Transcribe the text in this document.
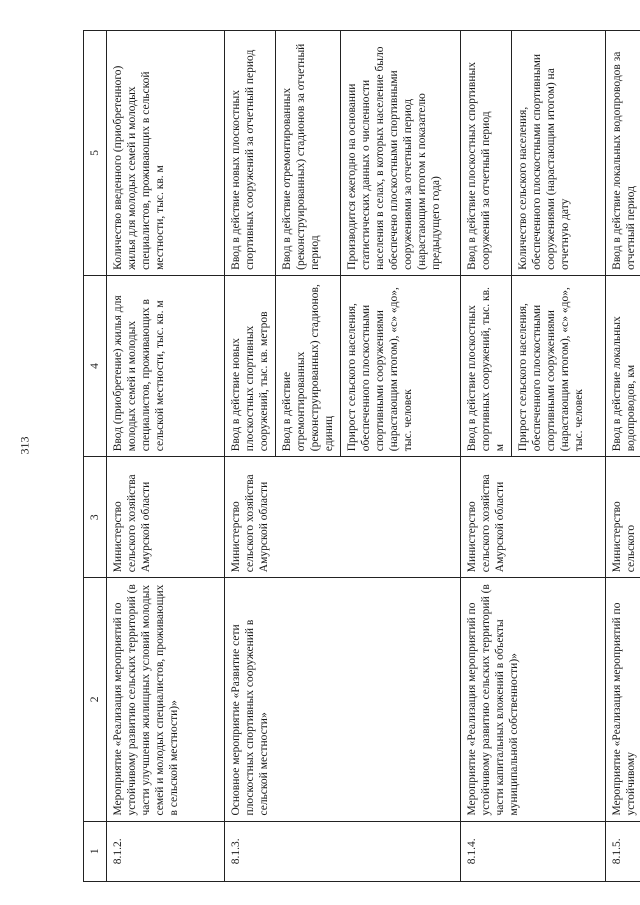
313
1	2	3	4	5
8.1.2.	Мероприятие «Реализация мероприятий по устойчивому развитию сельских территорий (в части улучшения жилищных условий молодых семей и молодых специалистов, проживающих в сельской местности)»	Министерство сельского хозяйства Амурской области	Ввод (приобретение) жилья для молодых семей и молодых специалистов, проживающих в сельской местности, тыс. кв. м	Количество введенного (приобретенного) жилья для молодых семей и молодых специалистов, проживающих в сельской местности, тыс. кв. м
8.1.3.	Основное мероприятие «Развитие сети плоскостных спортивных сооружений в сельской местности»	Министерство сельского хозяйства Амурской области	Ввод в действие новых плоскостных спортивных сооружений, тыс. кв. метров	Ввод в действие новых плоскостных спортивных сооружений за отчетный период
			Ввод в действие отремонтированных (реконструированных) стадионов, единиц	Ввод в действие отремонтированных (реконструированных) стадионов за отчетный период
			Прирост сельского населения, обеспеченного плоскостными спортивными сооружениями (нарастающим итогом), «с» «до», тыс. человек	Производится ежегодно на основании статистических данных о численности населения в селах, в которых население было обеспечено плоскостными спортивными сооружениями за отчетный период (нарастающим итогом к показателю предыдущего года)
8.1.4.	Мероприятие «Реализация мероприятий по устойчивому развитию сельских территорий (в части капитальных вложений в объекты муниципальной собственности)»	Министерство сельского хозяйства Амурской области	Ввод в действие плоскостных спортивных сооружений, тыс. кв. м	Ввод в действие плоскостных спортивных сооружений за отчетный период
			Прирост сельского населения, обеспеченного плоскостными спортивными сооружениями (нарастающим итогом), «с» «до», тыс. человек	Количество сельского населения, обеспеченного плоскостными спортивными сооружениями (нарастающим итогом) на отчетную дату
8.1.5.	Мероприятие «Реализация мероприятий по устойчивому	Министерство сельского	Ввод в действие локальных водопроводов, км	Ввод в действие локальных водопроводов за отчетный период
